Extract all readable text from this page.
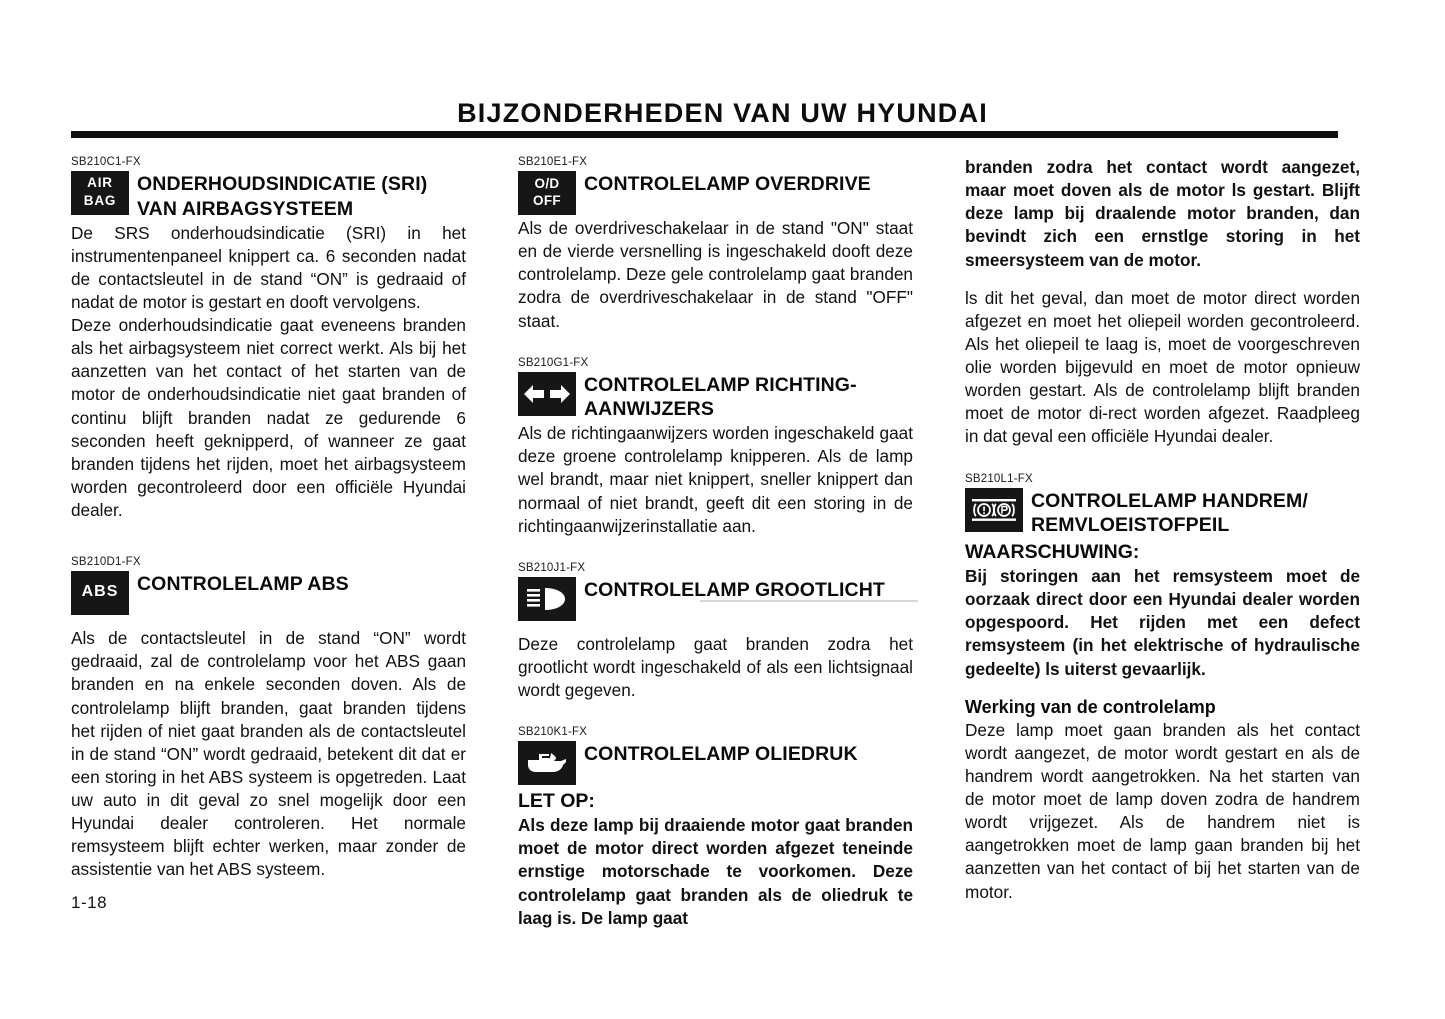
BIJZONDERHEDEN VAN UW HYUNDAI
SB210C1-FX
AIR
BAG
ONDERHOUDSINDICATIE (SRI) VAN AIRBAGSYSTEEM

De SRS onderhoudsindicatie (SRI) in het instrumentenpaneel knippert ca. 6 seconden nadat de contactsleutel in de stand “ON” is gedraaid of nadat de motor is gestart en dooft vervolgens.

Deze onderhoudsindicatie gaat eveneens branden als het airbagsysteem niet correct werkt. Als bij het aanzetten van het contact of het starten van de motor de onderhoudsindicatie niet gaat branden of continu blijft branden nadat ze gedurende 6 seconden heeft geknipperd, of wanneer ze gaat branden tijdens het rijden, moet het airbagsysteem worden gecontroleerd door een officiële Hyundai dealer.

SB210D1-FX
ABS CONTROLELAMP ABS

Als de contactsleutel in de stand “ON” wordt gedraaid, zal de controlelamp voor het ABS gaan branden en na enkele seconden doven. Als de controlelamp blijft branden, gaat branden tijdens het rijden of niet gaat branden als de contactsleutel in de stand “ON” wordt gedraaid, betekent dit dat er een storing in het ABS systeem is opgetreden. Laat uw auto in dit geval zo snel mogelijk door een Hyundai dealer controleren. Het normale remsysteem blijft echter werken, maar zonder de assistentie van het ABS systeem.

SB210E1-FX
O/D
OFF
CONTROLELAMP OVERDRIVE

Als de overdriveschakelaar in de stand "ON" staat en de vierde versnelling is ingeschakeld dooft deze controlelamp. Deze gele controlelamp gaat branden zodra de overdriveschakelaar in de stand "OFF" staat.

SB210G1-FX
CONTROLELAMP RICHTING-AANWIJZERS

Als de richtingaanwijzers worden ingeschakeld gaat deze groene controlelamp knipperen. Als de lamp wel brandt, maar niet knippert, sneller knippert dan normaal of niet brandt, geeft dit een storing in de richtingaanwijzerinstallatie aan.

SB210J1-FX
CONTROLELAMP GROOTLICHT

Deze controlelamp gaat branden zodra het grootlicht wordt ingeschakeld of als een lichtsignaal wordt gegeven.

SB210K1-FX
CONTROLELAMP OLIEDRUK
LET OP:

Als deze lamp bij draaiende motor gaat branden moet de motor direct worden afgezet teneinde ernstige motorschade te voorkomen. Deze controlelamp gaat branden als de oliedruk te laag is. De lamp gaat

branden zodra het contact wordt aangezet, maar moet doven als de motor ls gestart. Blijft deze lamp bij draalende motor branden, dan bevindt zich een ernstlge storing in het smeersysteem van de motor.

ls dit het geval, dan moet de motor direct worden afgezet en moet het oliepeil worden gecontroleerd. Als het oliepeil te laag is, moet de voorgeschreven olie worden bijgevuld en moet de motor opnieuw worden gestart. Als de controlelamp blijft branden moet de motor di-rect worden afgezet. Raadpleeg in dat geval een officiële Hyundai dealer.

SB210L1-FX
CONTROLELAMP HANDREM/ REMVLOEISTOFPEIL
WAARSCHUWING:

Bij storingen aan het remsysteem moet de oorzaak direct door een Hyundai dealer worden opgespoord. Het rijden met een defect remsysteem (in het elektrische of hydraulische gedeelte) ls uiterst gevaarlijk.

Werking van de controlelamp

Deze lamp moet gaan branden als het contact wordt aangezet, de motor wordt gestart en als de handrem wordt aangetrokken. Na het starten van de motor moet de lamp doven zodra de handrem wordt vrijgezet. Als de handrem niet is aangetrokken moet de lamp gaan branden bij het aanzetten van het contact of bij het starten van de motor.

1-18
